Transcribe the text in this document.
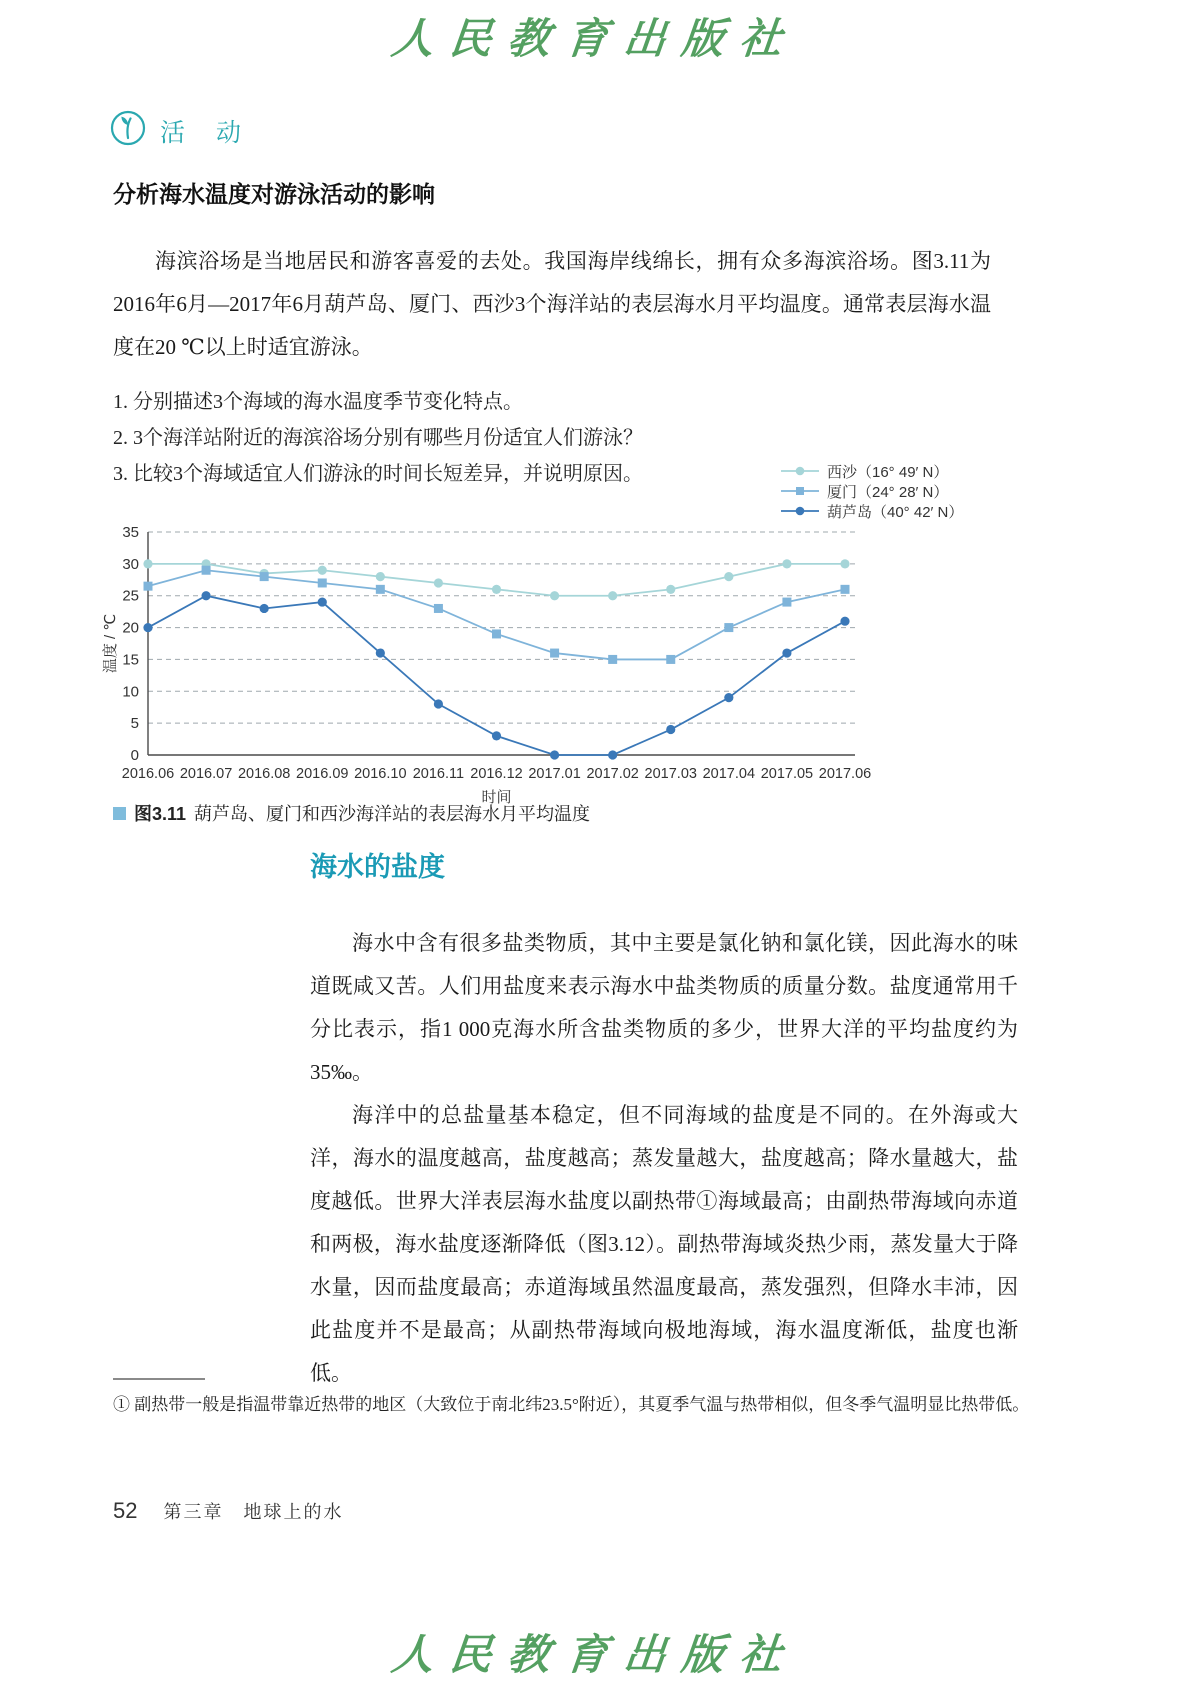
人民教育出版社
活 动
分析海水温度对游泳活动的影响

海滨浴场是当地居民和游客喜爱的去处。我国海岸线绵长，拥有众多海滨浴场。图3.11为2016年6月—2017年6月葫芦岛、厦门、西沙3个海洋站的表层海水月平均温度。通常表层海水温度在20 ℃以上时适宜游泳。

1. 分别描述3个海域的海水温度季节变化特点。
2. 3个海洋站附近的海滨浴场分别有哪些月份适宜人们游泳？
3. 比较3个海域适宜人们游泳的时间长短差异，并说明原因。	西沙（16° 49′ N）
厦门（24° 28′ N）
葫芦岛（40° 42′ N）
0
5
10
15
20
25
30
35
2016.06 2016.07 2016.08 2016.09 2016.10 2016.11 2016.12 2017.01 2017.02 2017.03 2017.04 2017.05 2017.06
时间
温度 / ℃
图3.11 葫芦岛、厦门和西沙海洋站的表层海水月平均温度
海水的盐度

海水中含有很多盐类物质，其中主要是氯化钠和氯化镁，因此海水的味道既咸又苦。人们用盐度来表示海水中盐类物质的质量分数。盐度通常用千分比表示，指1 000克海水所含盐类物质的多少，世界大洋的平均盐度约为35‰。

海洋中的总盐量基本稳定，但不同海域的盐度是不同的。在外海或大洋，海水的温度越高，盐度越高；蒸发量越大，盐度越高；降水量越大，盐度越低。世界大洋表层海水盐度以副热带①海域最高；由副热带海域向赤道和两极，海水盐度逐渐降低（图3.12）。副热带海域炎热少雨，蒸发量大于降水量，因而盐度最高；赤道海域虽然温度最高，蒸发强烈，但降水丰沛，因此盐度并不是最高；从副热带海域向极地海域，海水温度渐低，盐度也渐低。

① 副热带一般是指温带靠近热带的地区（大致位于南北纬23.5°附近），其夏季气温与热带相似，但冬季气温明显比热带低。

52 第三章　地球上的水
人民教育出版社
